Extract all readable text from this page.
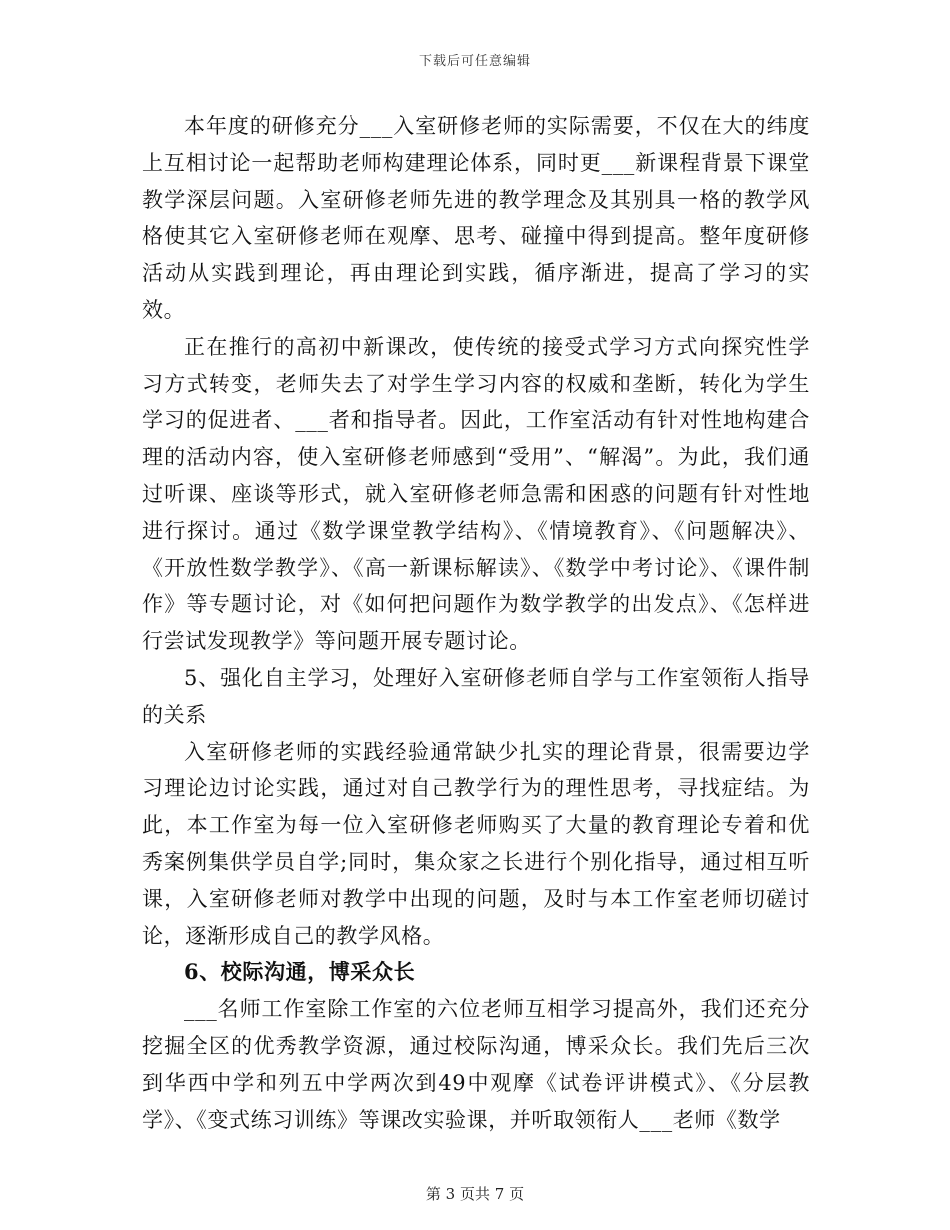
下载后可任意编辑

本年度的研修充分___入室研修老师的实际需要，不仅在大的纬度上互相讨论一起帮助老师构建理论体系，同时更___新课程背景下课堂教学深层问题。入室研修老师先进的教学理念及其别具一格的教学风格使其它入室研修老师在观摩、思考、碰撞中得到提高。整年度研修活动从实践到理论，再由理论到实践，循序渐进，提高了学习的实效。

正在推行的高初中新课改，使传统的接受式学习方式向探究性学习方式转变，老师失去了对学生学习内容的权威和垄断，转化为学生学习的促进者、___者和指导者。因此，工作室活动有针对性地构建合理的活动内容，使入室研修老师感到“受用”、“解渴”。为此，我们通过听课、座谈等形式，就入室研修老师急需和困惑的问题有针对性地进行探讨。通过《数学课堂教学结构》、《情境教育》、《问题解决》、《开放性数学教学》、《高一新课标解读》、《数学中考讨论》、《课件制作》等专题讨论，对《如何把问题作为数学教学的出发点》、《怎样进行尝试发现教学》等问题开展专题讨论。

5、强化自主学习，处理好入室研修老师自学与工作室领衔人指导的关系

入室研修老师的实践经验通常缺少扎实的理论背景，很需要边学习理论边讨论实践，通过对自己教学行为的理性思考，寻找症结。为此，本工作室为每一位入室研修老师购买了大量的教育理论专着和优秀案例集供学员自学;同时，集众家之长进行个别化指导，通过相互听课，入室研修老师对教学中出现的问题，及时与本工作室老师切磋讨论，逐渐形成自己的教学风格。

6、校际沟通，博采众长

___名师工作室除工作室的六位老师互相学习提高外，我们还充分挖掘全区的优秀教学资源，通过校际沟通，博采众长。我们先后三次到华西中学和列五中学两次到49中观摩《试卷评讲模式》、《分层教学》、《变式练习训练》等课改实验课，并听取领衔人___老师《数学

第 3 页共 7 页
